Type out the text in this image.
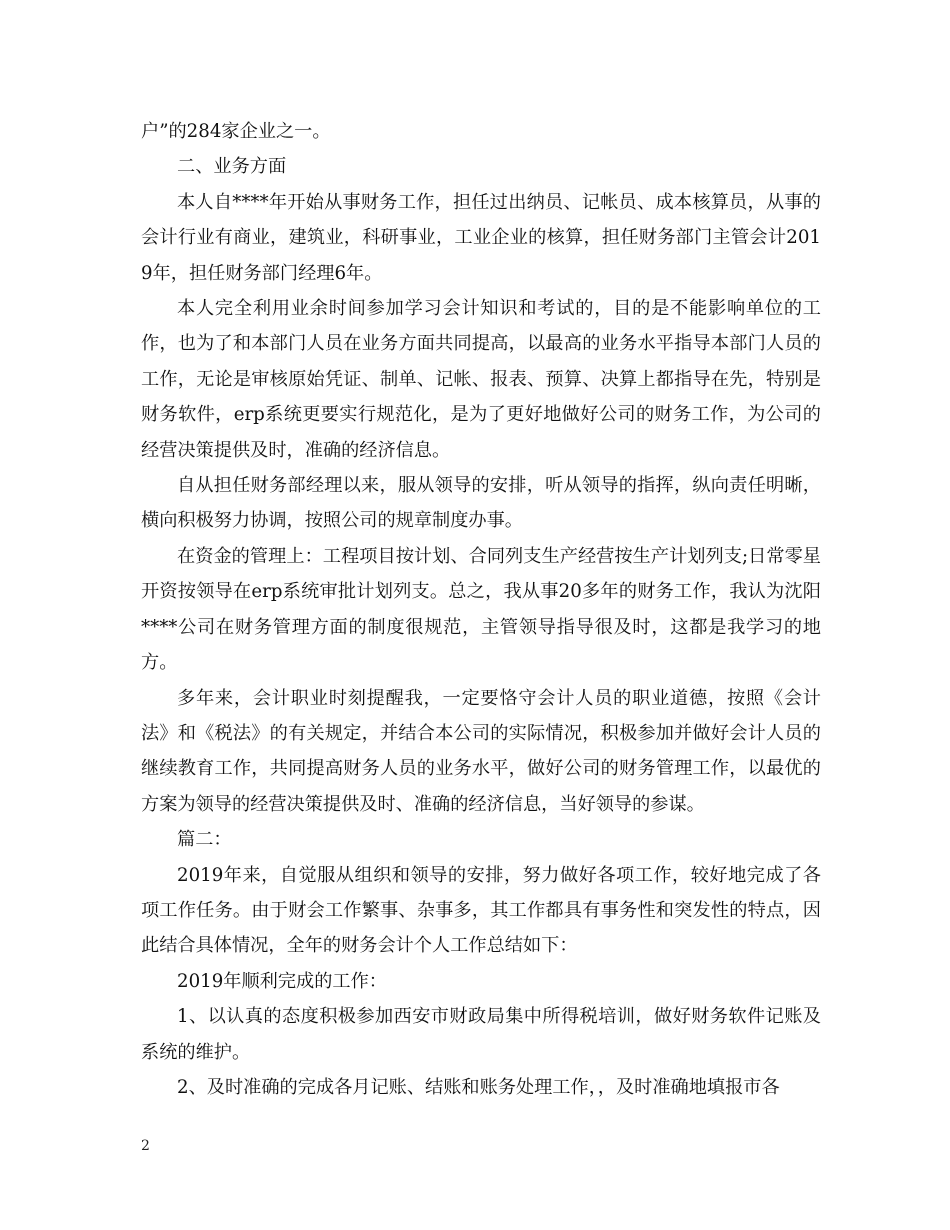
户”的284家企业之一。

二、业务方面

本人自****年开始从事财务工作，担任过出纳员、记帐员、成本核算员，从事的会计行业有商业，建筑业，科研事业，工业企业的核算，担任财务部门主管会计2019年，担任财务部门经理6年。

本人完全利用业余时间参加学习会计知识和考试的，目的是不能影响单位的工作，也为了和本部门人员在业务方面共同提高，以最高的业务水平指导本部门人员的工作，无论是审核原始凭证、制单、记帐、报表、预算、决算上都指导在先，特别是财务软件，erp系统更要实行规范化，是为了更好地做好公司的财务工作，为公司的经营决策提供及时，准确的经济信息。

自从担任财务部经理以来，服从领导的安排，听从领导的指挥，纵向责任明晰，横向积极努力协调，按照公司的规章制度办事。

在资金的管理上：工程项目按计划、合同列支生产经营按生产计划列支;日常零星开资按领导在erp系统审批计划列支。总之，我从事20多年的财务工作，我认为沈阳****公司在财务管理方面的制度很规范，主管领导指导很及时，这都是我学习的地方。

多年来，会计职业时刻提醒我，一定要恪守会计人员的职业道德，按照《会计法》和《税法》的有关规定，并结合本公司的实际情况，积极参加并做好会计人员的继续教育工作，共同提高财务人员的业务水平，做好公司的财务管理工作，以最优的方案为领导的经营决策提供及时、准确的经济信息，当好领导的参谋。

篇二：

2019年来，自觉服从组织和领导的安排，努力做好各项工作，较好地完成了各项工作任务。由于财会工作繁事、杂事多，其工作都具有事务性和突发性的特点，因此结合具体情况，全年的财务会计个人工作总结如下：

2019年顺利完成的工作：

1、以认真的态度积极参加西安市财政局集中所得税培训，做好财务软件记账及系统的维护。

2、及时准确的完成各月记账、结账和账务处理工作，，及时准确地填报市各

2
